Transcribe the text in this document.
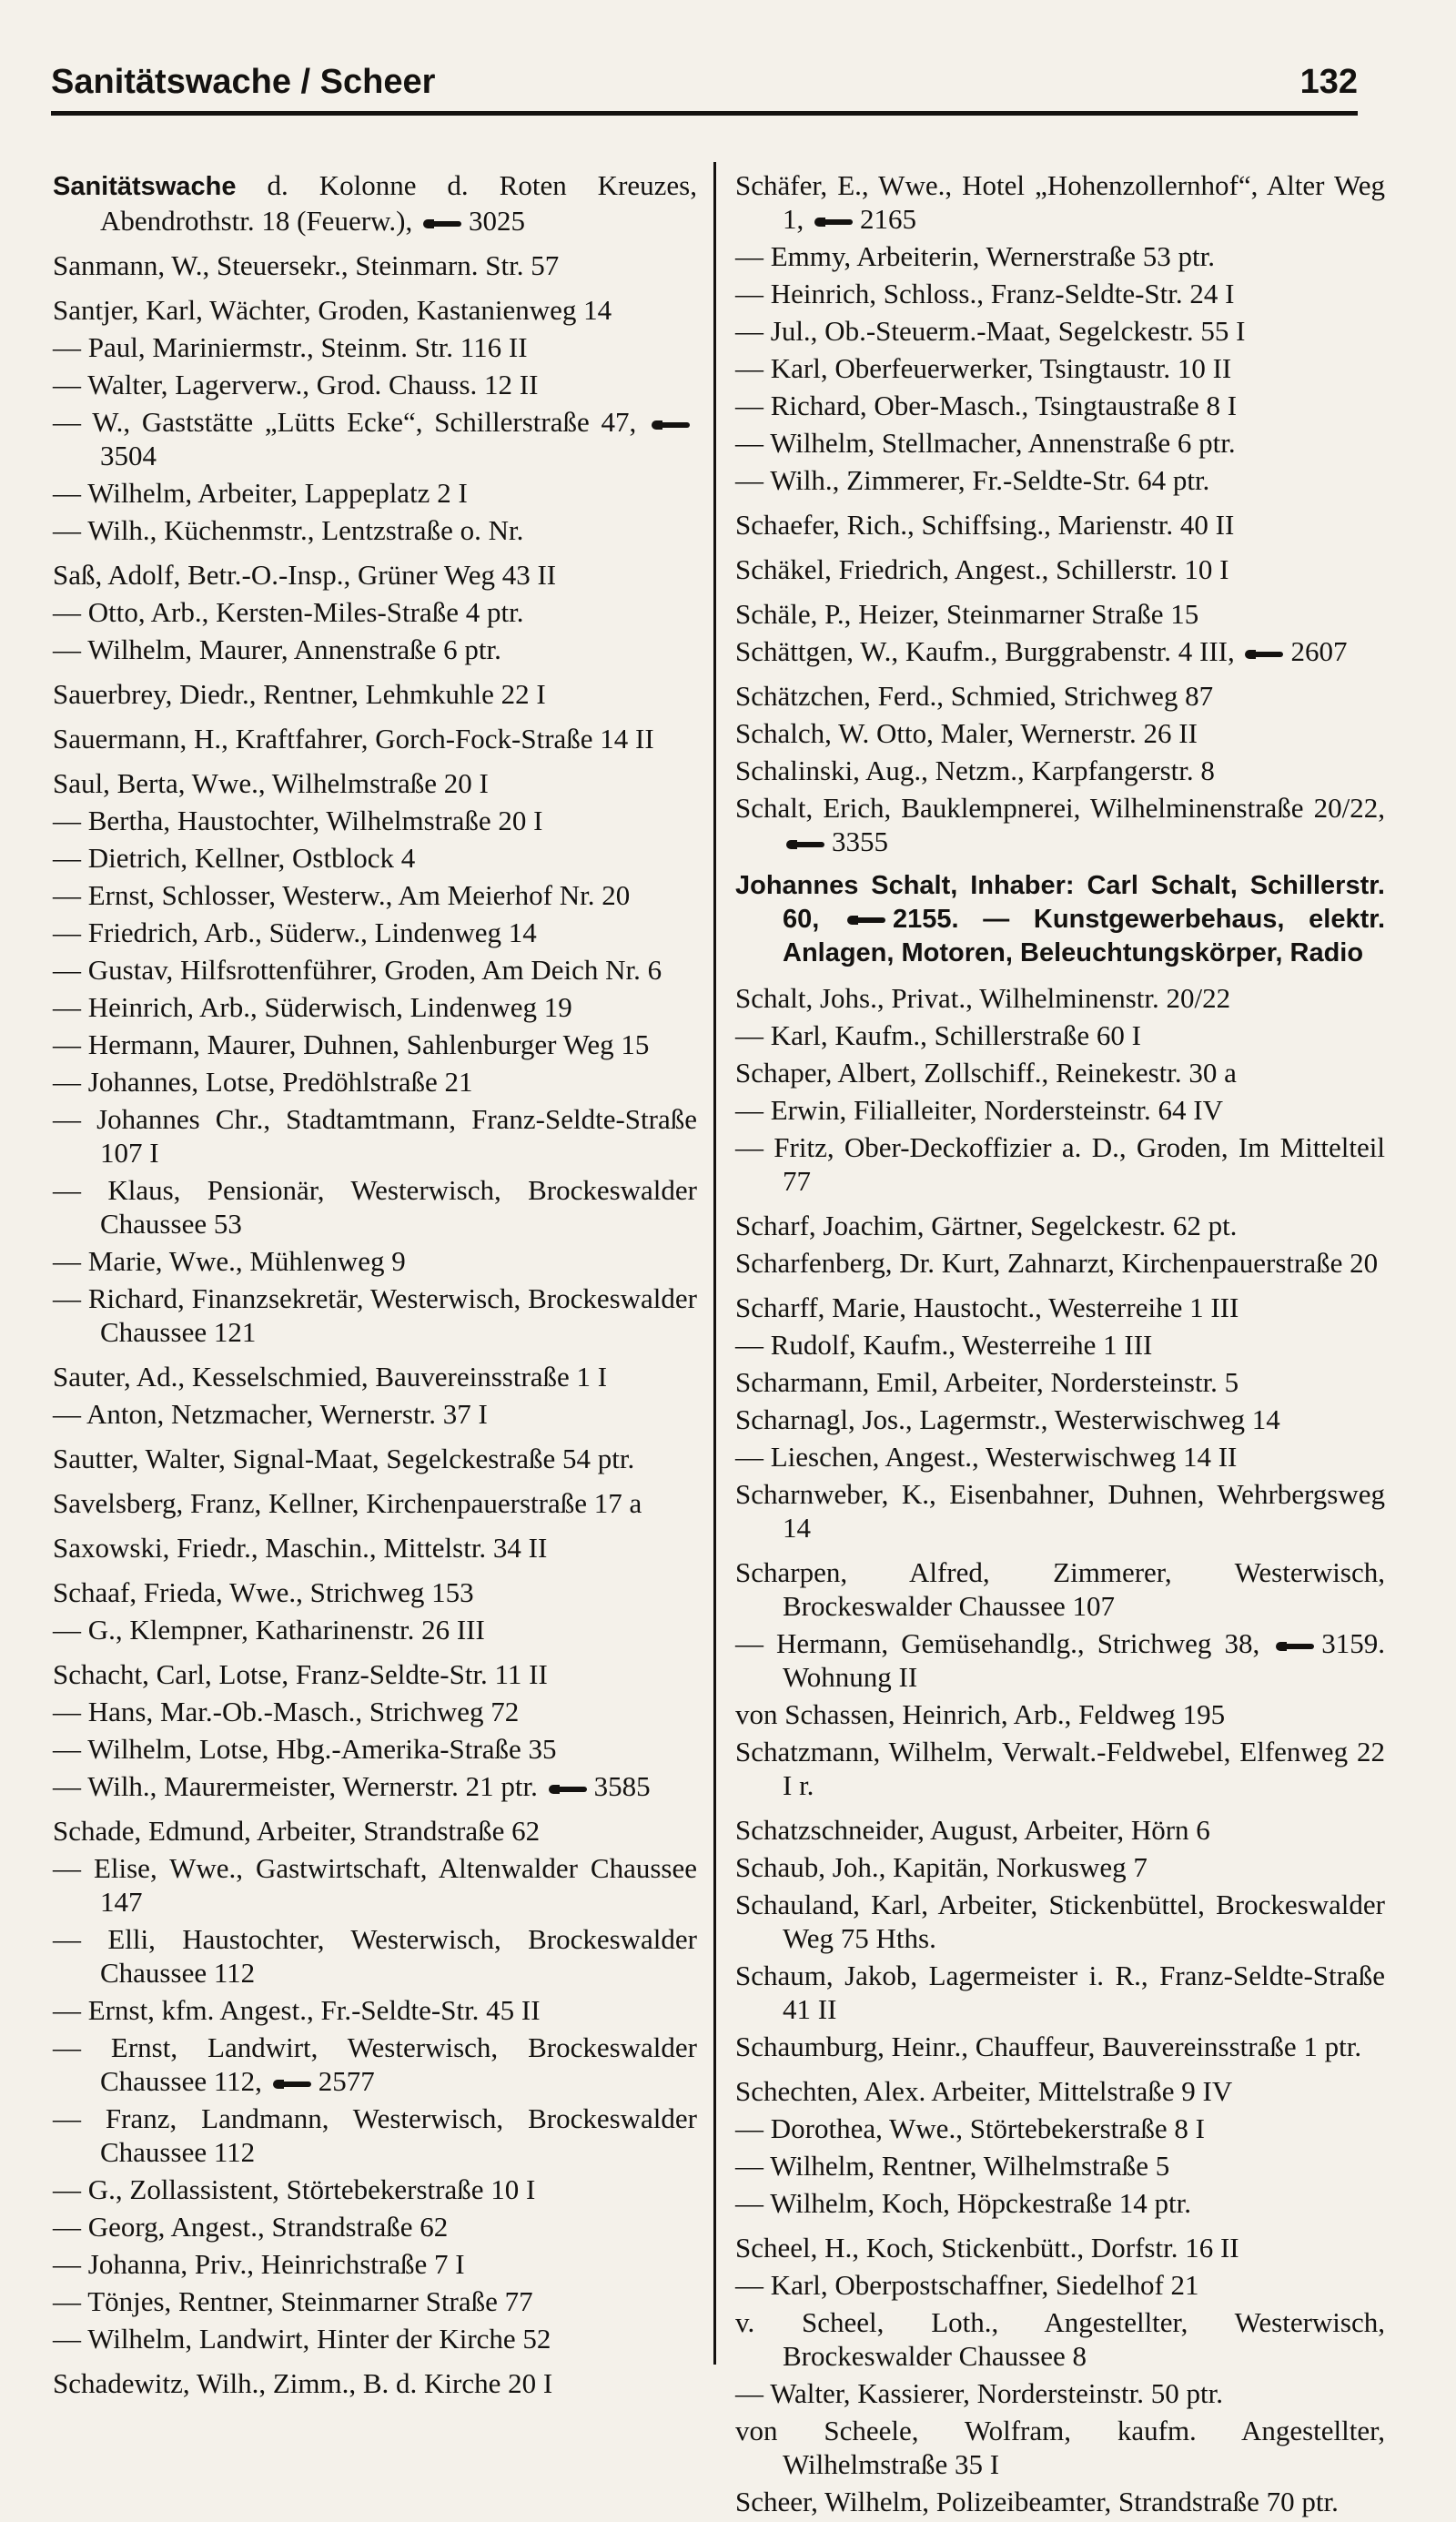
Sanitätswache / Scheer	132
Sanitätswache d. Kolonne d. Roten Kreuzes, Abendrothstr. 18 (Feuerw.), 3025
Sanmann, W., Steuersekr., Steinmarn. Str. 57
Santjer, Karl, Wächter, Groden, Kastanienweg 14
— Paul, Mariniermstr., Steinm. Str. 116 II
— Walter, Lagerverw., Grod. Chauss. 12 II
— W., Gaststätte „Lütts Ecke“, Schillerstraße 47, 3504
— Wilhelm, Arbeiter, Lappeplatz 2 I
— Wilh., Küchenmstr., Lentzstraße o. Nr.
Saß, Adolf, Betr.-O.-Insp., Grüner Weg 43 II
— Otto, Arb., Kersten-Miles-Straße 4 ptr.
— Wilhelm, Maurer, Annenstraße 6 ptr.
Sauerbrey, Diedr., Rentner, Lehmkuhle 22 I
Sauermann, H., Kraftfahrer, Gorch-Fock-Straße 14 II
Saul, Berta, Wwe., Wilhelmstraße 20 I
— Bertha, Haustochter, Wilhelmstraße 20 I
— Dietrich, Kellner, Ostblock 4
— Ernst, Schlosser, Westerw., Am Meierhof Nr. 20
— Friedrich, Arb., Süderw., Lindenweg 14
— Gustav, Hilfsrottenführer, Groden, Am Deich Nr. 6
— Heinrich, Arb., Süderwisch, Lindenweg 19
— Hermann, Maurer, Duhnen, Sahlenburger Weg 15
— Johannes, Lotse, Predöhlstraße 21
— Johannes Chr., Stadtamtmann, Franz-Seldte-Straße 107 I
— Klaus, Pensionär, Westerwisch, Brockeswalder Chaussee 53
— Marie, Wwe., Mühlenweg 9
— Richard, Finanzsekretär, Westerwisch, Brockeswalder Chaussee 121
Sauter, Ad., Kesselschmied, Bauvereinsstraße 1 I
— Anton, Netzmacher, Wernerstr. 37 I
Sautter, Walter, Signal-Maat, Segelckestraße 54 ptr.
Savelsberg, Franz, Kellner, Kirchenpauerstraße 17 a
Saxowski, Friedr., Maschin., Mittelstr. 34 II
Schaaf, Frieda, Wwe., Strichweg 153
— G., Klempner, Katharinenstr. 26 III
Schacht, Carl, Lotse, Franz-Seldte-Str. 11 II
— Hans, Mar.-Ob.-Masch., Strichweg 72
— Wilhelm, Lotse, Hbg.-Amerika-Straße 35
— Wilh., Maurermeister, Wernerstr. 21 ptr. 3585
Schade, Edmund, Arbeiter, Strandstraße 62
— Elise, Wwe., Gastwirtschaft, Altenwalder Chaussee 147
— Elli, Haustochter, Westerwisch, Brockeswalder Chaussee 112
— Ernst, kfm. Angest., Fr.-Seldte-Str. 45 II
— Ernst, Landwirt, Westerwisch, Brockeswalder Chaussee 112, 2577
— Franz, Landmann, Westerwisch, Brockeswalder Chaussee 112
— G., Zollassistent, Störtebekerstraße 10 I
— Georg, Angest., Strandstraße 62
— Johanna, Priv., Heinrichstraße 7 I
— Tönjes, Rentner, Steinmarner Straße 77
— Wilhelm, Landwirt, Hinter der Kirche 52
Schadewitz, Wilh., Zimm., B. d. Kirche 20 I
Schäfer, E., Wwe., Hotel „Hohenzollernhof“, Alter Weg 1, 2165
— Emmy, Arbeiterin, Wernerstraße 53 ptr.
— Heinrich, Schloss., Franz-Seldte-Str. 24 I
— Jul., Ob.-Steuerm.-Maat, Segelckestr. 55 I
— Karl, Oberfeuerwerker, Tsingtaustr. 10 II
— Richard, Ober-Masch., Tsingtaustraße 8 I
— Wilhelm, Stellmacher, Annenstraße 6 ptr.
— Wilh., Zimmerer, Fr.-Seldte-Str. 64 ptr.
Schaefer, Rich., Schiffsing., Marienstr. 40 II
Schäkel, Friedrich, Angest., Schillerstr. 10 I
Schäle, P., Heizer, Steinmarner Straße 15
Schättgen, W., Kaufm., Burggrabenstr. 4 III, 2607
Schätzchen, Ferd., Schmied, Strichweg 87
Schalch, W. Otto, Maler, Wernerstr. 26 II
Schalinski, Aug., Netzm., Karpfangerstr. 8
Schalt, Erich, Bauklempnerei, Wilhelminenstraße 20/22, 3355
Johannes Schalt, Inhaber: Carl Schalt, Schillerstr. 60, 2155. — Kunstgewerbehaus, elektr. Anlagen, Motoren, Beleuchtungskörper, Radio
Schalt, Johs., Privat., Wilhelminenstr. 20/22
— Karl, Kaufm., Schillerstraße 60 I
Schaper, Albert, Zollschiff., Reinekestr. 30 a
— Erwin, Filialleiter, Nordersteinstr. 64 IV
— Fritz, Ober-Deckoffizier a. D., Groden, Im Mittelteil 77
Scharf, Joachim, Gärtner, Segelckestr. 62 pt.
Scharfenberg, Dr. Kurt, Zahnarzt, Kirchenpauerstraße 20
Scharff, Marie, Haustocht., Westerreihe 1 III
— Rudolf, Kaufm., Westerreihe 1 III
Scharmann, Emil, Arbeiter, Nordersteinstr. 5
Scharnagl, Jos., Lagermstr., Westerwischweg 14
— Lieschen, Angest., Westerwischweg 14 II
Scharnweber, K., Eisenbahner, Duhnen, Wehrbergsweg 14
Scharpen, Alfred, Zimmerer, Westerwisch, Brockeswalder Chaussee 107
— Hermann, Gemüsehandlg., Strichweg 38, 3159. Wohnung II
von Schassen, Heinrich, Arb., Feldweg 195
Schatzmann, Wilhelm, Verwalt.-Feldwebel, Elfenweg 22 I r.
Schatzschneider, August, Arbeiter, Hörn 6
Schaub, Joh., Kapitän, Norkusweg 7
Schauland, Karl, Arbeiter, Stickenbüttel, Brockeswalder Weg 75 Hths.
Schaum, Jakob, Lagermeister i. R., Franz-Seldte-Straße 41 II
Schaumburg, Heinr., Chauffeur, Bauvereinsstraße 1 ptr.
Schechten, Alex. Arbeiter, Mittelstraße 9 IV
— Dorothea, Wwe., Störtebekerstraße 8 I
— Wilhelm, Rentner, Wilhelmstraße 5
— Wilhelm, Koch, Höpckestraße 14 ptr.
Scheel, H., Koch, Stickenbütt., Dorfstr. 16 II
— Karl, Oberpostschaffner, Siedelhof 21
v. Scheel, Loth., Angestellter, Westerwisch, Brockeswalder Chaussee 8
— Walter, Kassierer, Nordersteinstr. 50 ptr.
von Scheele, Wolfram, kaufm. Angestellter, Wilhelmstraße 35 I
Scheer, Wilhelm, Polizeibeamter, Strandstraße 70 ptr.
